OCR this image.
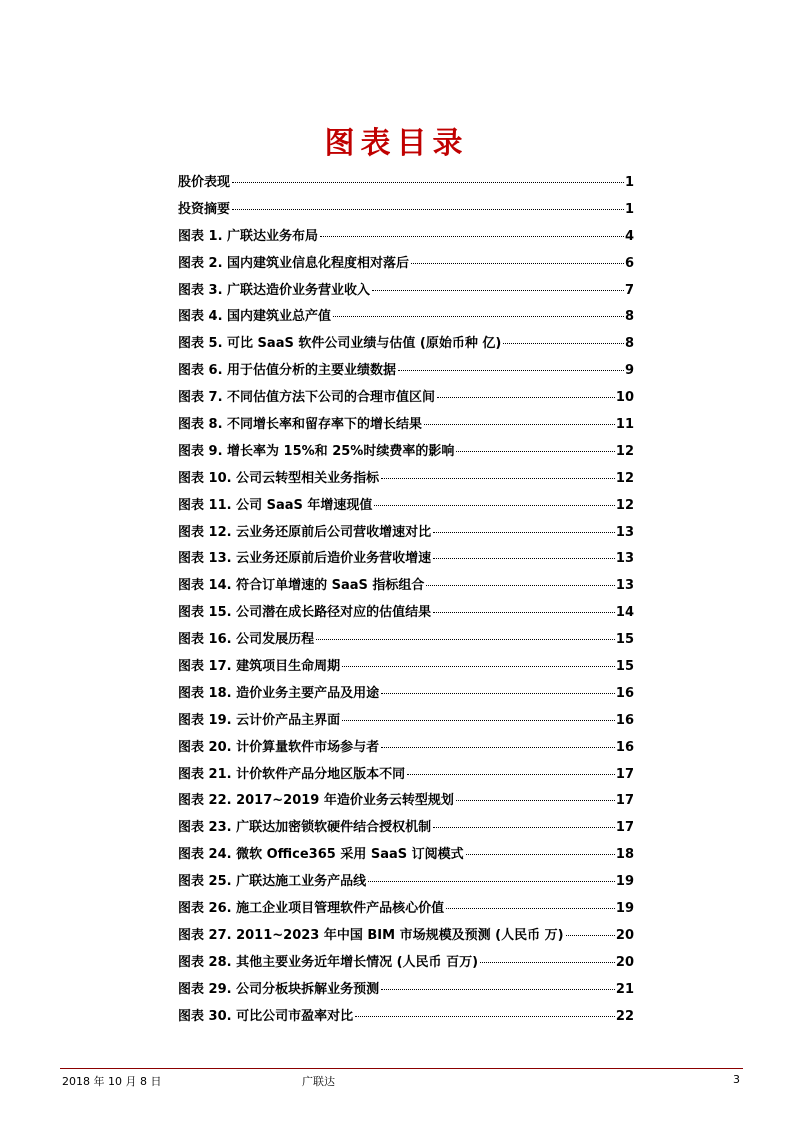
图表目录
股价表现	1
投资摘要	1
图表 1. 广联达业务布局	4
图表 2. 国内建筑业信息化程度相对落后	6
图表 3. 广联达造价业务营业收入	7
图表 4. 国内建筑业总产值	8
图表 5. 可比 SaaS 软件公司业绩与估值 (原始币种 亿)	8
图表 6. 用于估值分析的主要业绩数据	9
图表 7. 不同估值方法下公司的合理市值区间	10
图表 8. 不同增长率和留存率下的增长结果	11
图表 9. 增长率为 15%和 25%时续费率的影响	12
图表 10. 公司云转型相关业务指标	12
图表 11. 公司 SaaS 年增速现值	12
图表 12. 云业务还原前后公司营收增速对比	13
图表 13. 云业务还原前后造价业务营收增速	13
图表 14. 符合订单增速的 SaaS 指标组合	13
图表 15. 公司潜在成长路径对应的估值结果	14
图表 16. 公司发展历程	15
图表 17. 建筑项目生命周期	15
图表 18. 造价业务主要产品及用途	16
图表 19. 云计价产品主界面	16
图表 20. 计价算量软件市场参与者	16
图表 21. 计价软件产品分地区版本不同	17
图表 22. 2017~2019 年造价业务云转型规划	17
图表 23. 广联达加密锁软硬件结合授权机制	17
图表 24. 微软 Office365 采用 SaaS 订阅模式	18
图表 25. 广联达施工业务产品线	19
图表 26. 施工企业项目管理软件产品核心价值	19
图表 27. 2011~2023 年中国 BIM 市场规模及预测 (人民币 万)	20
图表 28. 其他主要业务近年增长情况 (人民币 百万)	20
图表 29. 公司分板块拆解业务预测	21
图表 30. 可比公司市盈率对比	22
2018 年 10 月 8 日	广联达	3
